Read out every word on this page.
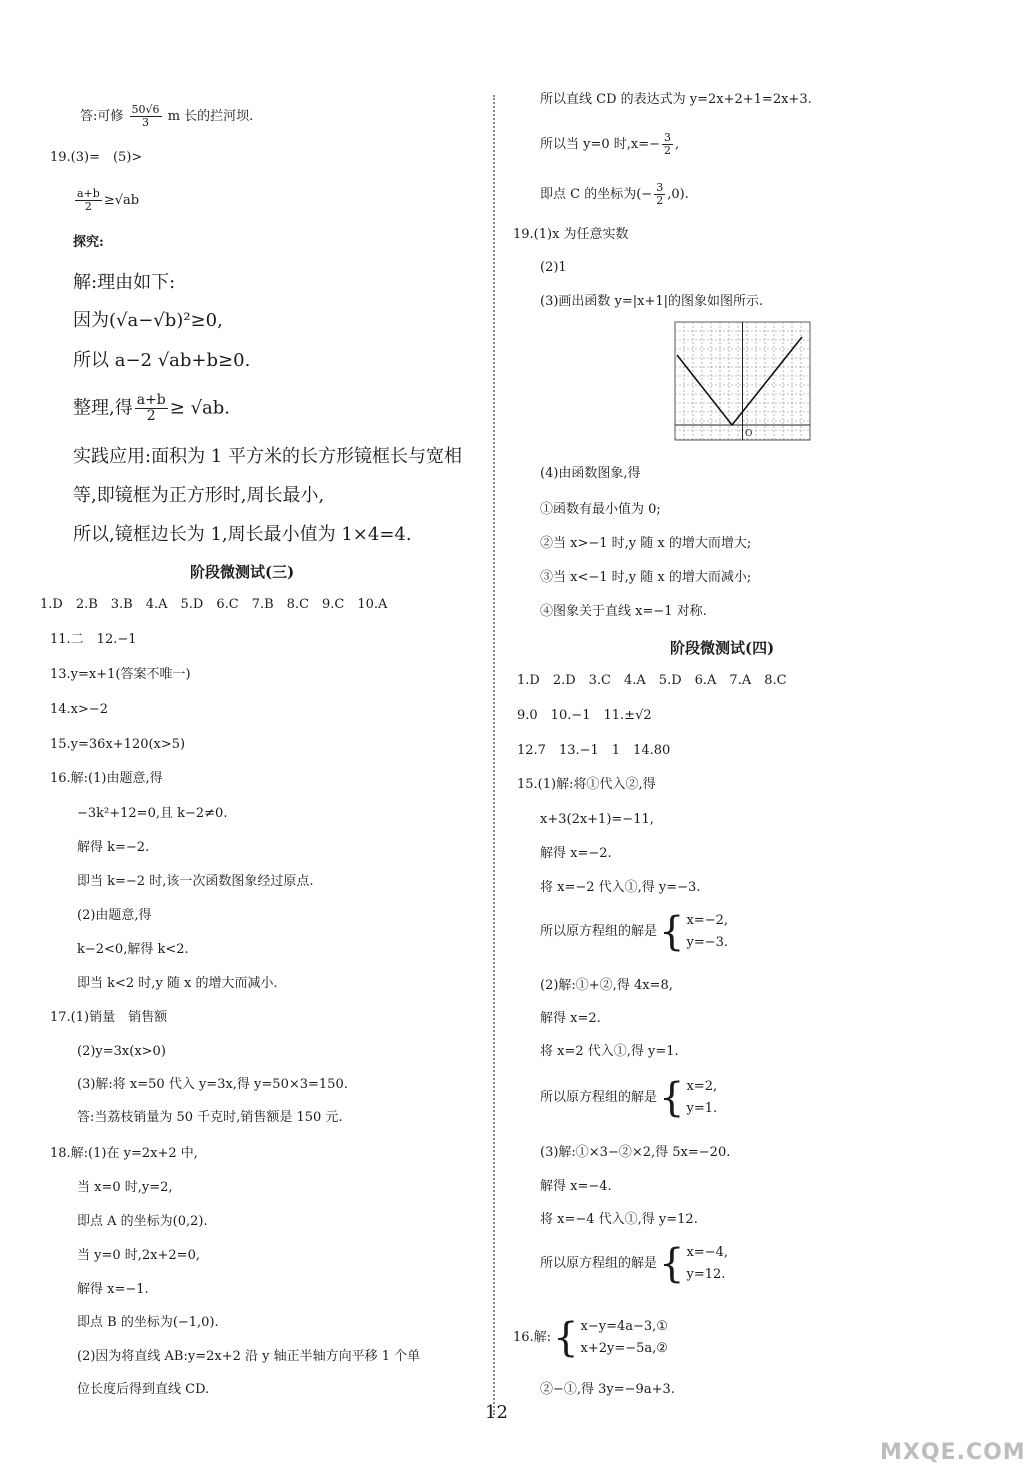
答:可修 $\frac{50√6}{3}$ m 长的拦河坝.
19.(3)=　(5)>
$\frac{a+b}{2} \ge√ab$
探究:
解:理由如下:
因为(√a−√b)²≥0,
所以 a−2 √ab+b≥0.
整理,得 $\frac{a+b}{2} \ge √ab$.
实践应用:面积为 1 平方米的长方形镜框长与宽相
等,即镜框为正方形时,周长最小,
所以,镜框边长为 1,周长最小值为 1×4=4.
阶段微测试(三)
1.D　2.B　3.B　4.A　5.D　6.C　7.B　8.C　9.C　10.A
11.二　12.−1
13.y=x+1(答案不唯一)
14.x>−2
15.y=36x+120(x>5)
16.解:(1)由题意,得
−3k²+12=0,且 k−2≠0.
解得 k=−2.
即当 k=−2 时,该一次函数图象经过原点.
(2)由题意,得
k−2<0,解得 k<2.
即当 k<2 时,y 随 x 的增大而减小.
17.(1)销量　销售额
(2)y=3x(x>0)
(3)解:将 x=50 代入 y=3x,得 y=50×3=150.
答:当荔枝销量为 50 千克时,销售额是 150 元.
18.解:(1)在 y=2x+2 中,
当 x=0 时,y=2,
即点 A 的坐标为(0,2).
当 y=0 时,2x+2=0,
解得 x=−1.
即点 B 的坐标为(−1,0).
(2)因为将直线 AB:y=2x+2 沿 y 轴正半轴方向平移 1 个单
位长度后得到直线 CD.
所以直线 CD 的表达式为 y=2x+2+1=2x+3.
所以当 y=0 时$,x=- \frac{3}{2}$ ,
即点 C 的坐标为(− $\frac{3}{2} ,0$).
19.(1)x 为任意实数
(2)1
(3)画出函数 y=|x+1|的图象如图所示.
O
(4)由函数图象,得
①函数有最小值为 0;
②当 x>−1 时,y 随 x 的增大而增大;
③当 x<−1 时,y 随 x 的增大而减小;
④图象关于直线 x=−1 对称.
阶段微测试(四)
1.D　2.D　3.C　4.A　5.D　6.A　7.A　8.C
9.0　10.−1　11.±√2
12.7　13.−1　1　14.80
15.(1)解:将①代入②,得
x+3(2x+1)=−11,
解得 x=−2.
将 x=−2 代入①,得 y=−3.
所以原方程组的解是{ x=−2,
y=−3.
(2)解:①+②,得 4x=8,
解得 x=2.
将 x=2 代入①,得 y=1.
所以原方程组的解是{ x=2,
y=1.
(3)解:①×3−②×2,得 5x=−20.
解得 x=−4.
将 x=−4 代入①,得 y=12.
所以原方程组的解是{ x=−4,
y=12.
16.解:{ x−y=4a−3,①
x+2y=−5a,②
②−①,得 3y=−9a+3.
12
MXQE.COM
